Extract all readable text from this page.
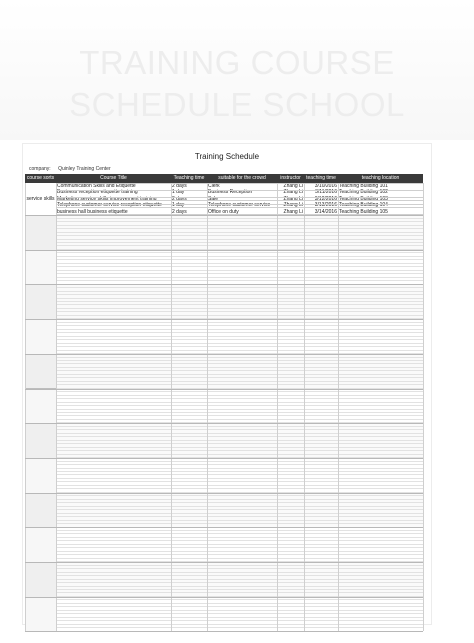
TRAINING COURSE
SCHEDULE SCHOOL
Training Schedule
company: Quinley Training Center
course sorts	Course Title	Teaching time	suitable for the crowd	instructor	teaching time	teaching location
service skills
Communication Skills and Etiquette	2 days	Clerk	Zhang Li	3/10/2016 Teaching Building 101
Business reception etiquette training	1 day	Business Reception	Zhang Li	3/11/2016 Teaching Building 102
Marketing service skills improvement training	2 days	Sale	Zhang Li	3/12/2016 Teaching Building 103
Telephone customer service reception etiquette	1 day	Telephone customer service	Zhang Li	3/13/2016 Teaching Building 104
business hall business etiquette	2 days	Office on duty	Zhang Li	3/14/2016 Teaching Building 105
